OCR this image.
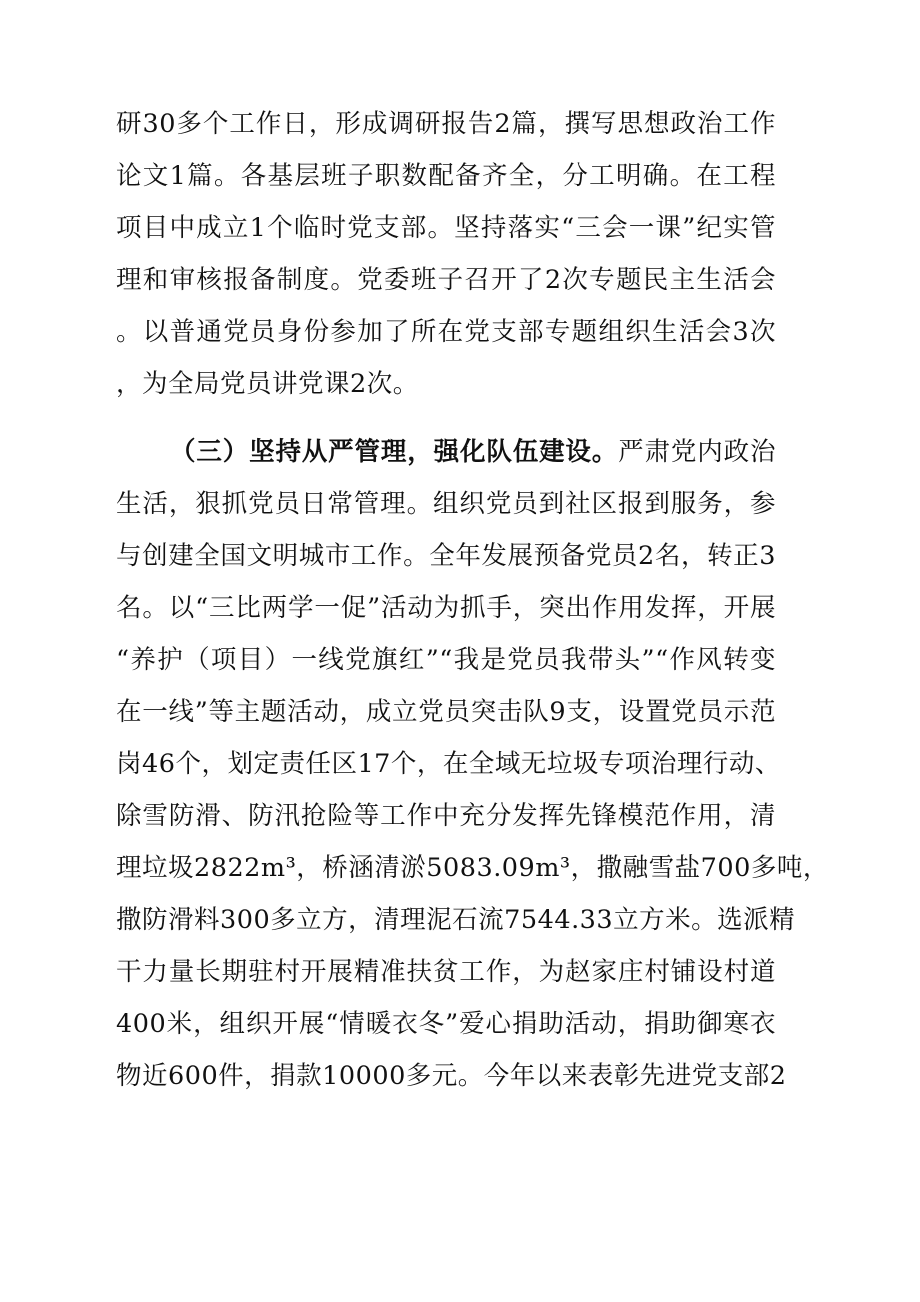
研30多个工作日，形成调研报告2篇，撰写思想政治工作
论文1篇。各基层班子职数配备齐全，分工明确。在工程
项目中成立1个临时党支部。坚持落实“三会一课”纪实管
理和审核报备制度。党委班子召开了2次专题民主生活会
。以普通党员身份参加了所在党支部专题组织生活会3次
，为全局党员讲党课2次。
（三）坚持从严管理，强化队伍建设。严肃党内政治
生活，狠抓党员日常管理。组织党员到社区报到服务，参
与创建全国文明城市工作。全年发展预备党员2名，转正3
名。以“三比两学一促”活动为抓手，突出作用发挥，开展
“养护（项目）一线党旗红”“我是党员我带头”“作风转变
在一线”等主题活动，成立党员突击队9支，设置党员示范
岗46个，划定责任区17个，在全域无垃圾专项治理行动、
除雪防滑、防汛抢险等工作中充分发挥先锋模范作用，清
理垃圾2822m³，桥涵清淤5083.09m³，撒融雪盐700多吨，
撒防滑料300多立方，清理泥石流7544.33立方米。选派精
干力量长期驻村开展精准扶贫工作，为赵家庄村铺设村道
400米，组织开展“情暖衣冬”爱心捐助活动，捐助御寒衣
物近600件，捐款10000多元。今年以来表彰先进党支部2
